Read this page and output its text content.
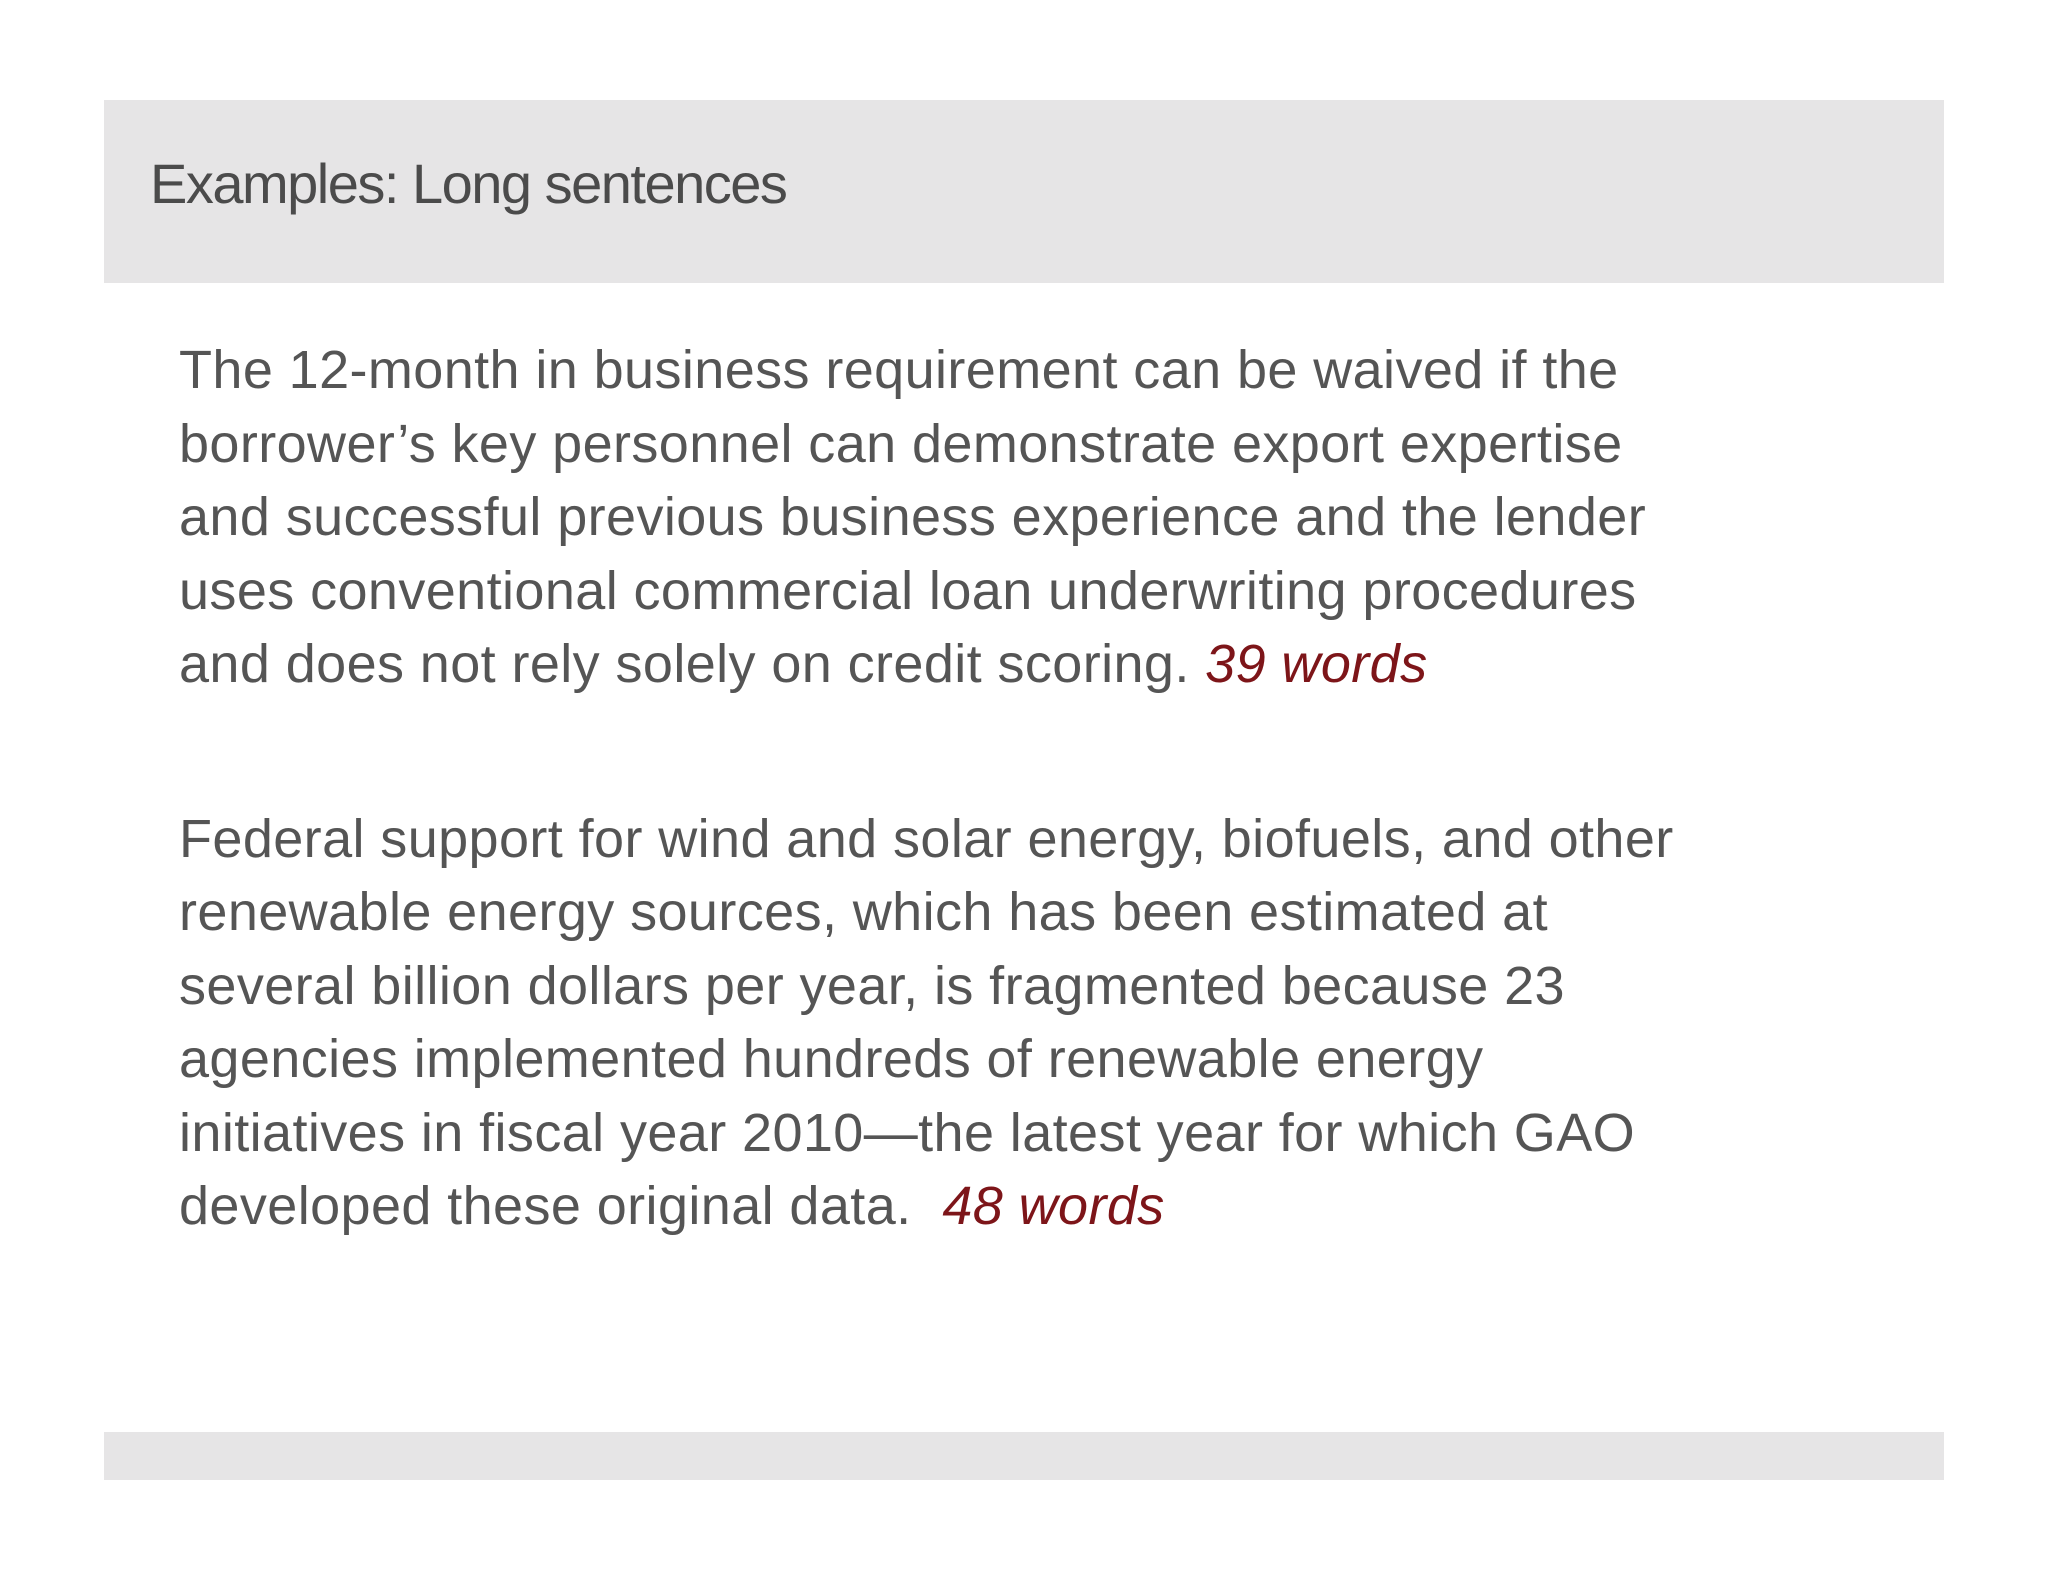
Examples: Long sentences

The 12-month in business requirement can be waived if the
borrower’s key personnel can demonstrate export expertise
and successful previous business experience and the lender
uses conventional commercial loan underwriting procedures
and does not rely solely on credit scoring. 39 words

Federal support for wind and solar energy, biofuels, and other
renewable energy sources, which has been estimated at
several billion dollars per year, is fragmented because 23
agencies implemented hundreds of renewable energy
initiatives in fiscal year 2010—the latest year for which GAO
developed these original data. 48 words
